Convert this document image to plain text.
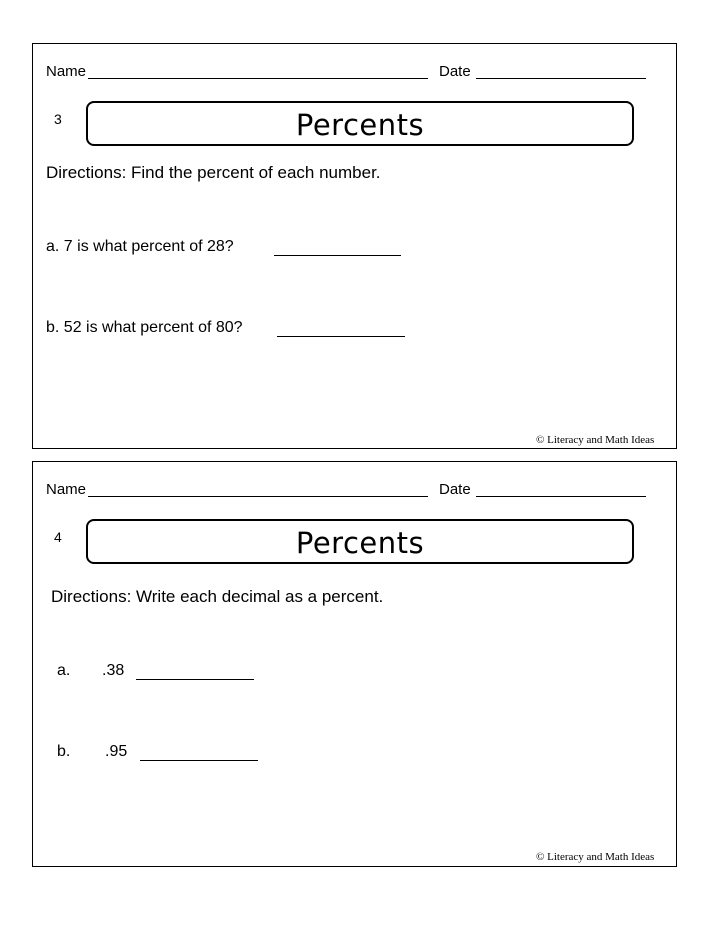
Name	Date
3	Percents
Directions: Find the percent of each number.
a. 7 is what percent of 28?
b. 52 is what percent of 80?
© Literacy and Math Ideas
Name	Date
4	Percents
Directions: Write each decimal as a percent.
a. .38
b. .95
© Literacy and Math Ideas
